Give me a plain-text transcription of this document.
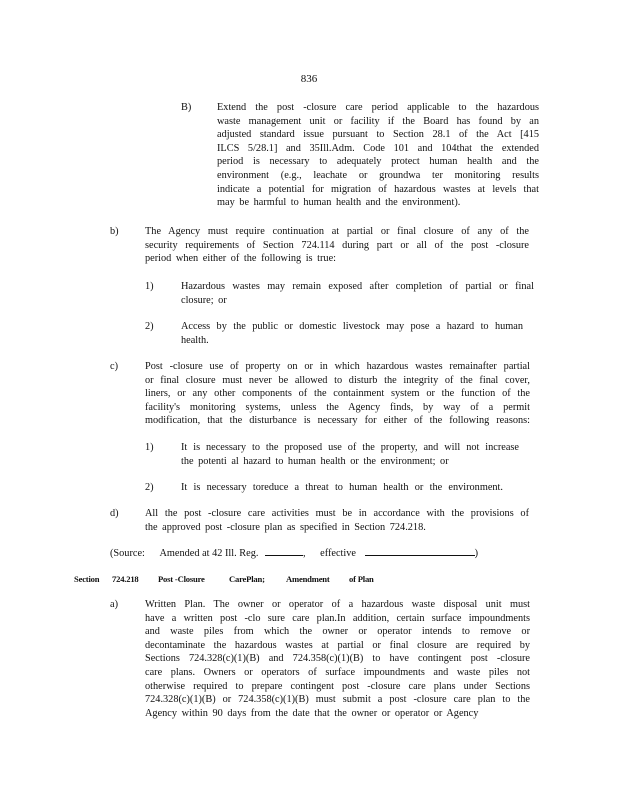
836
B) Extend the post -closure care period applicable to the hazardous
waste management unit or facility if the Board has found by an
adjusted standard issue pursuant to Section 28.1 of the Act [415
ILCS 5/28.1] and 35Ill.Adm. Code 101 and 104that the extended
period is necessary to adequately protect human health and the
environment (e.g., leachate or groundwa ter monitoring results
indicate a potential for migration of hazardous wastes at levels that
may be harmful to human health and the environment).
b)	The Agency must require continuation at partial or final closure of any of the
security requirements of Section 724.114 during part or all of the post -closure
period when either of the following is true:
1)	Hazardous wastes may remain exposed after completion of partial or final
closure; or
2)	Access by the public or domestic livestock may pose a hazard to human
health.
c)	Post -closure use of property on or in which hazardous wastes remainafter partial
or final closure must never be allowed to disturb the integrity of the final cover,
liners, or any other components of the containment system or the function of the
facility's monitoring systems, unless the Agency finds, by way of a permit
modification, that the disturbance is necessary for either of the following reasons:
1)	It is necessary to the proposed use of the property, and will not increase
the potenti al hazard to human health or the environment; or
2)	It is necessary toreduce a threat to human health or the environment.
d)	All the post -closure care activities must be in accordance with the provisions of
the approved post -closure plan as specified in Section 724.218.
(Source: Amended at 42 Ill. Reg.	, effective	)
Section 724.218 Post -Closure	CarePlan; Amendment of Plan
a)	Written Plan. The owner or operator of a hazardous waste disposal unit must
have a written post -clo sure care plan.In addition, certain surface impoundments
and waste piles from which the owner or operator intends to remove or
decontaminate the hazardous wastes at partial or final closure are required by
Sections 724.328(c)(1)(B) and 724.358(c)(1)(B) to have contingent post -closure
care plans. Owners or operators of surface impoundments and waste piles not
otherwise required to prepare contingent post -closure care plans under Sections
724.328(c)(1)(B) or 724.358(c)(1)(B) must submit a post -closure care plan to the
Agency within 90 days from the date that the owner or operator or Agency
